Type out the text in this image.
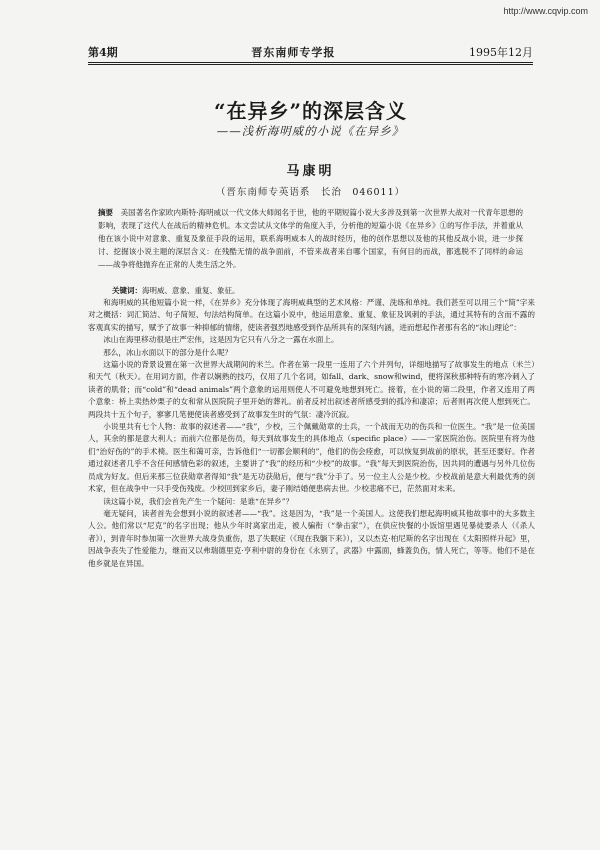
http://www.cqvip.com
第4期	晋东南师专学报	1995年12月
“在异乡”的深层含义
——浅析海明威的小说《在异乡》
马康明
（晋东南师专英语系　长治　046011）
摘要　美国著名作家欧内斯特·海明威以一代文体大师闻名于世，他的平期短篇小说大多涉及到第一次世界大战对一代青年思想的影响，表现了这代人在战后的精神危机。本文尝试从文体学的角度入手，分析他的短篇小说《在异乡》①的写作手法，并着重从他在该小说中对意象、重复及象征手段的运用，联系海明威本人的战时经历，他的创作思想以及他的其他反战小说，进一步探讨、挖掘该小说主题的深层含义：在残酷无情的战争面前，不管来战者来自哪个国家，有何目的而战，都逃脱不了同样的命运——战争将他抛弃在正常的人类生活之外。
关键词：海明威、意象、重复、象征。

和海明威的其他短篇小说一样，《在异乡》充分体现了海明威典型的艺术风格：严谨、洗练和单纯。我们甚至可以用三个“简”字来对之概括：词汇简洁、句子简短、句法结构简单。在这篇小说中，他运用意象、重复、象征及讽刺的手法，通过其特有的含而不露的客观真实的描写，赋予了故事一种抑郁的情绪，使读者强烈地感受到作品所具有的深刻内涵，进而想起作者那有名的“冰山理论”：

冰山在海里移动很是庄严宏伟，这是因为它只有八分之一露在水面上。

那么，冰山水面以下的部分是什么呢？

这篇小说的背景设置在第一次世界大战期间的米兰。作者在第一段里一连用了六个并列句，详细地描写了故事发生的地点（米兰）和天气（秋天）。在用词方面，作者以娴熟的技巧，仅用了几个名词，如fall、dark、snow和wind，便将深秋那种特有的寒冷刺入了读者的肌骨；而“cold”和“dead animals”两个意象的运用则使人不可避免地想到死亡。接着，在小说的第二段里，作者又连用了两个意象：桥上卖热炒栗子的女和常从医院院子里开始的葬礼。前者反衬出叙述者所感受到的孤冷和凄凉；后者则再次使人想到死亡。两段共十五个句子，寥寥几笔便使读者感受到了故事发生时的气氛：凄冷沉寂。

小说里共有七个人物：故事的叙述者——“我”，少校，三个佩戴勋章的士兵，一个战而无功的伤兵和一位医生。“我”是一位美国人，其余的都是意大利人；而前六位都是伤员，每天到故事发生的具体地点（specific place）——一家医院治伤。医院里有将为他们“治好伤的”的手术椅。医生和蔼可亲，告诉他们“一切都会顺利的”，他们的伤会痊愈，可以恢复到战前的原状，甚至还要好。作者通过叙述者几乎不含任何感情色彩的叙述，主要讲了“我”的经历和“少校”的故事。“我”每天到医院治伤，因共同的遭遇与另外几位伤员成为好友。但后来那三位获勋章者得知“我”是无功获勋后，便与“我”分手了。另一位主人公是少校。少校战前是意大利最优秀的剑术家，但在战争中一只手受伤残废。少校回到家乡后，妻子刚结婚便患病去世。少校悲痛不已，茫然面对未来。

读这篇小说，我们会首先产生一个疑问：是谁“在异乡”？

毫无疑问，读者首先会想到小说的叙述者——“我”。这是因为，“我”是一个美国人。这使我们想起海明威其他故事中的大多数主人公。他们常以“尼克”的名字出现；他从少年时离家出走，被人骗衔（“拳击家”），在供应快餐的小饭馆里遇见暴徒要杀人（《杀人者》），到青年时参加第一次世界大战身负重伤，思了失眠症（《现在我躺下来》），又以杰克·柏尼斯的名字出现在《太阳照样升起》里，因战争丧失了性爱能力，继而又以弗瑞德里克·亨利中尉的身份在《永别了，武器》中露面，蜂蓋负伤，情人死亡，等等。他们不是在他乡就是在异国。
